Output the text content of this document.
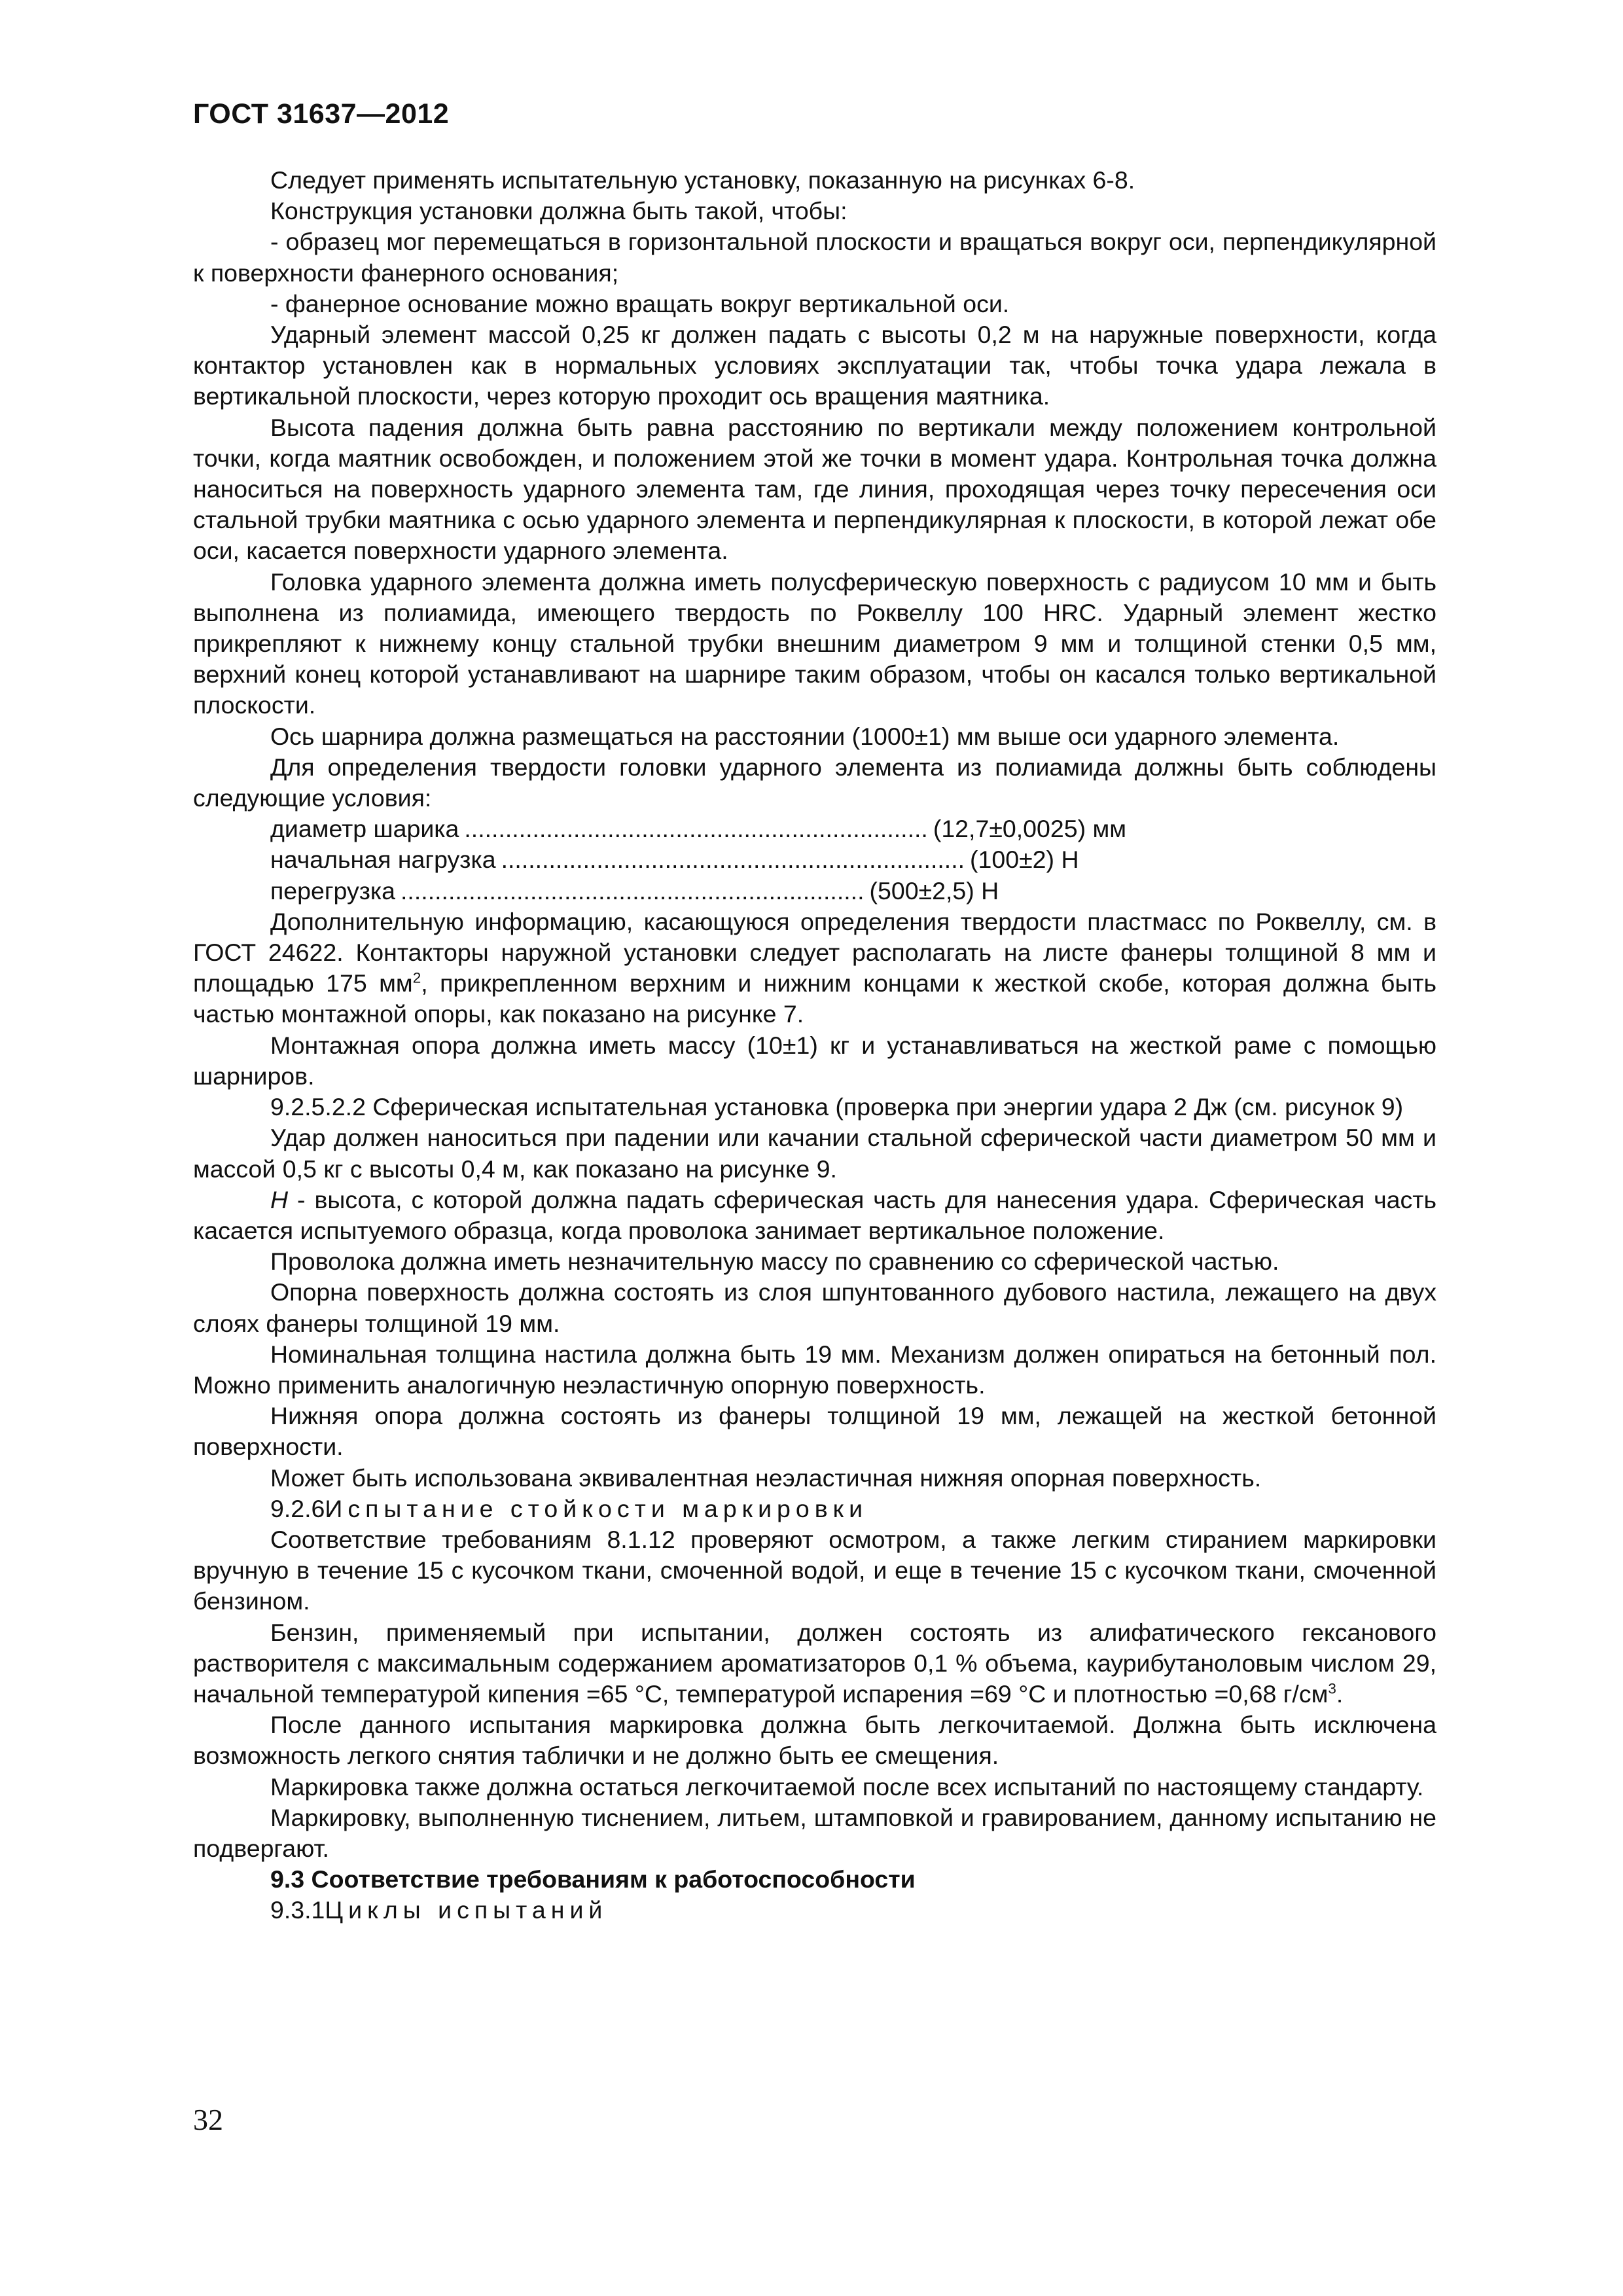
ГОСТ 31637—2012

Следует применять испытательную установку, показанную на рисунках 6-8.

Конструкция установки должна быть такой, чтобы:

- образец мог перемещаться в горизонтальной плоскости и вращаться вокруг оси, перпендикулярной к поверхности фанерного основания;

- фанерное основание можно вращать вокруг вертикальной оси.

Ударный элемент массой 0,25 кг должен падать с высоты 0,2 м на наружные поверхности, когда контактор установлен как в нормальных условиях эксплуатации так, чтобы точка удара лежала в вертикальной плоскости, через которую проходит ось вращения маятника.

Высота падения должна быть равна расстоянию по вертикали между положением контрольной точки, когда маятник освобожден, и положением этой же точки в момент удара. Контрольная точка должна наноситься на поверхность ударного элемента там, где линия, проходящая через точку пересечения оси стальной трубки маятника с осью ударного элемента и перпендикулярная к плоскости, в которой лежат обе оси, касается поверхности ударного элемента.

Головка ударного элемента должна иметь полусферическую поверхность с радиусом 10 мм и быть выполнена из полиамида, имеющего твердость по Роквеллу 100 HRC. Ударный элемент жестко прикрепляют к нижнему концу стальной трубки внешним диаметром 9 мм и толщиной стенки 0,5 мм, верхний конец которой устанавливают на шарнире таким образом, чтобы он касался только вертикальной плоскости.

Ось шарнира должна размещаться на расстоянии (1000±1) мм выше оси ударного элемента.

Для определения твердости головки ударного элемента из полиамида должны быть соблюдены следующие условия:

диаметр шарика .................................................................... (12,7±0,0025) мм
начальная нагрузка .................................................................... (100±2) Н
перегрузка .................................................................... (500±2,5) Н

Дополнительную информацию, касающуюся определения твердости пластмасс по Роквеллу, см. в ГОСТ 24622. Контакторы наружной установки следует располагать на листе фанеры толщиной 8 мм и площадью 175 $мм^2$, прикрепленном верхним и нижним концами к жесткой скобе, которая должна быть частью монтажной опоры, как показано на рисунке 7.

Монтажная опора должна иметь массу (10±1) кг и устанавливаться на жесткой раме с помощью шарниров.

9.2.5.2.2 Сферическая испытательная установка (проверка при энергии удара 2 Дж (см. рисунок 9)

Удар должен наноситься при падении или качании стальной сферической части диаметром 50 мм и массой 0,5 кг с высоты 0,4 м, как показано на рисунке 9.

H - высота, с которой должна падать сферическая часть для нанесения удара. Сферическая часть касается испытуемого образца, когда проволока занимает вертикальное положение.

Проволока должна иметь незначительную массу по сравнению со сферической частью.

Опорна поверхность должна состоять из слоя шпунтованного дубового настила, лежащего на двух слоях фанеры толщиной 19 мм.

Номинальная толщина настила должна быть 19 мм. Механизм должен опираться на бетонный пол. Можно применить аналогичную неэластичную опорную поверхность.

Нижняя опора должна состоять из фанеры толщиной 19 мм, лежащей на жесткой бетонной поверхности.

Может быть использована эквивалентная неэластичная нижняя опорная поверхность.

9.2.6Испытание стойкости маркировки

Соответствие требованиям 8.1.12 проверяют осмотром, а также легким стиранием маркировки вручную в течение 15 с кусочком ткани, смоченной водой, и еще в течение 15 с кусочком ткани, смоченной бензином.

Бензин, применяемый при испытании, должен состоять из алифатического гексанового растворителя с максимальным содержанием ароматизаторов 0,1 % объема, каурибутаноловым числом 29, начальной температурой кипения =65 °С, температурой испарения =69 °С и плотностью =0,68 $г/см^3$.

После данного испытания маркировка должна быть легкочитаемой. Должна быть исключена возможность легкого снятия таблички и не должно быть ее смещения.

Маркировка также должна остаться легкочитаемой после всех испытаний по настоящему стандарту.

Маркировку, выполненную тиснением, литьем, штамповкой и гравированием, данному испытанию не подвергают.

9.3 Соответствие требованиям к работоспособности

9.3.1Циклы испытаний

32
